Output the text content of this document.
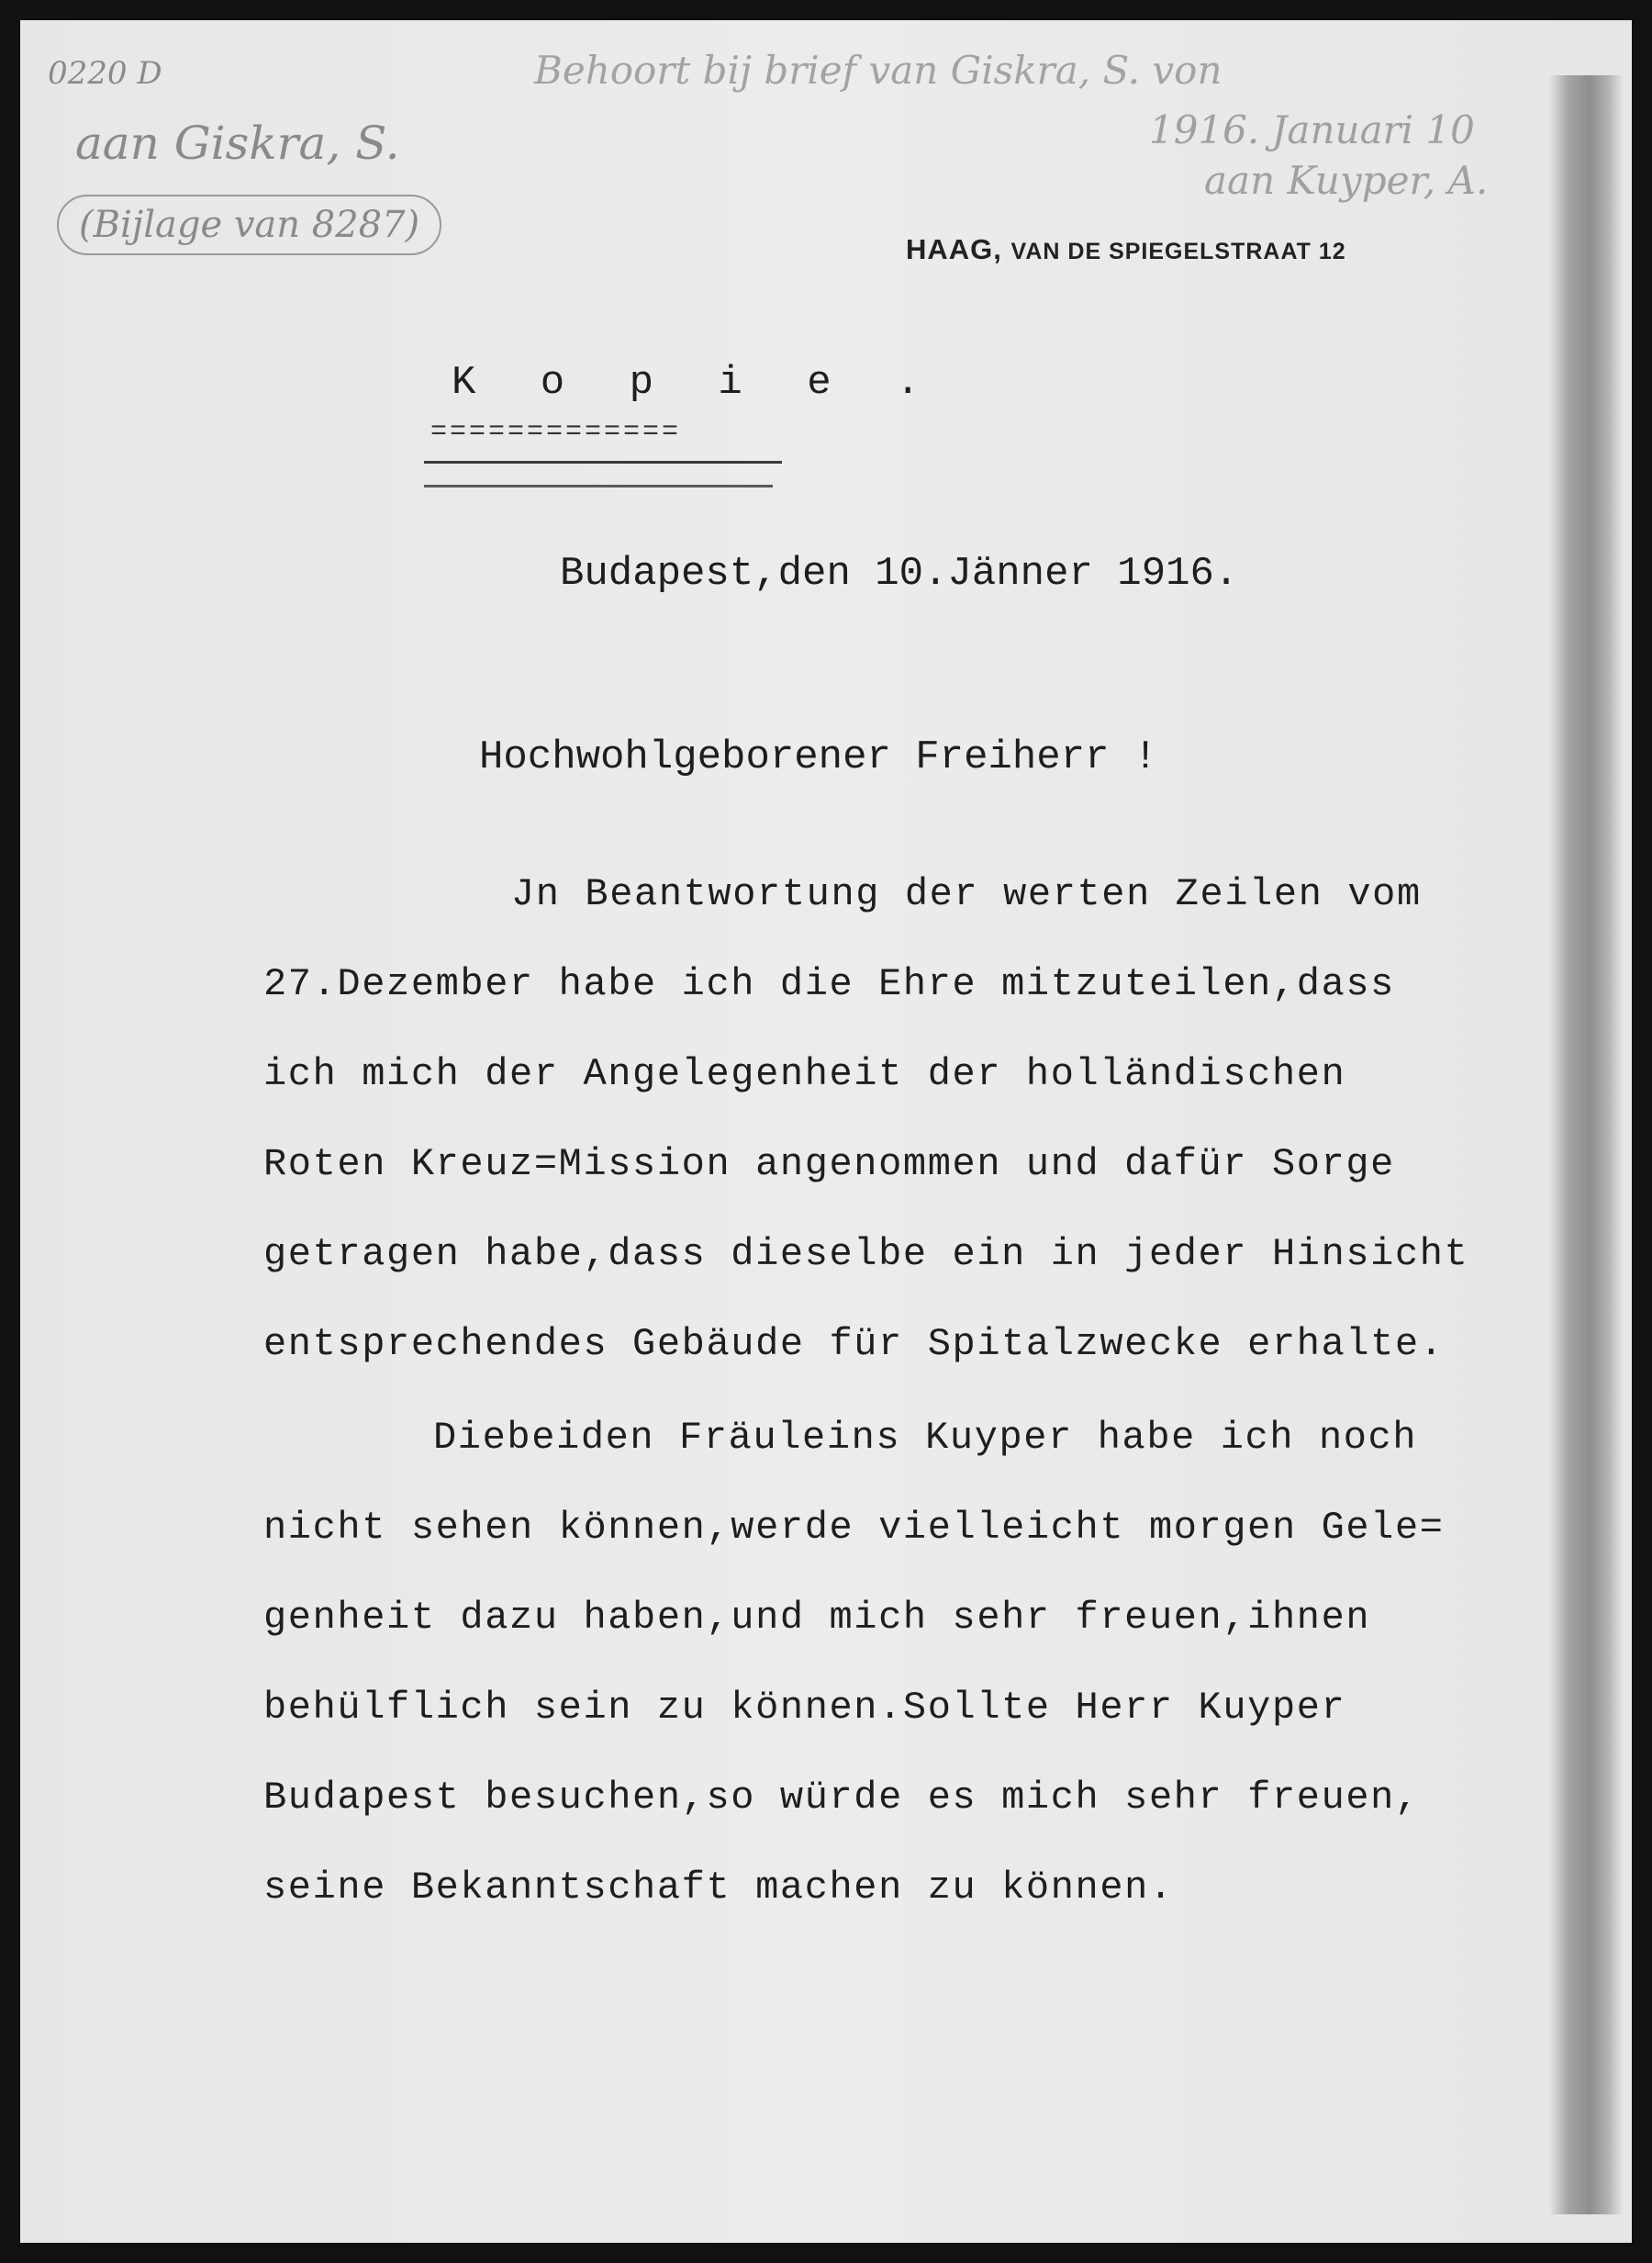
0220 D
aan Giskra, S.
(Bijlage van 8287)
Behoort bij brief van Giskra, S. von
1916. Januari 10
aan Kuyper, A.
HAAG, VAN DE SPIEGELSTRAAT 12
K o p i e .
=============
Budapest,den 10.Jänner 1916.
Hochwohlgeborener Freiherr !
Jn Beantwortung der werten Zeilen vom
27.Dezember habe ich die Ehre mitzuteilen,dass
ich mich der Angelegenheit der holländischen
Roten Kreuz=Mission angenommen und dafür Sorge
getragen habe,dass dieselbe ein in jeder Hinsicht
entsprechendes Gebäude für Spitalzwecke erhalte.
Diebeiden Fräuleins Kuyper habe ich noch
nicht sehen können,werde vielleicht morgen Gele=
genheit dazu haben,und mich sehr freuen,ihnen
behülflich sein zu können.Sollte Herr Kuyper
Budapest besuchen,so würde es mich sehr freuen,
seine Bekanntschaft machen zu können.
